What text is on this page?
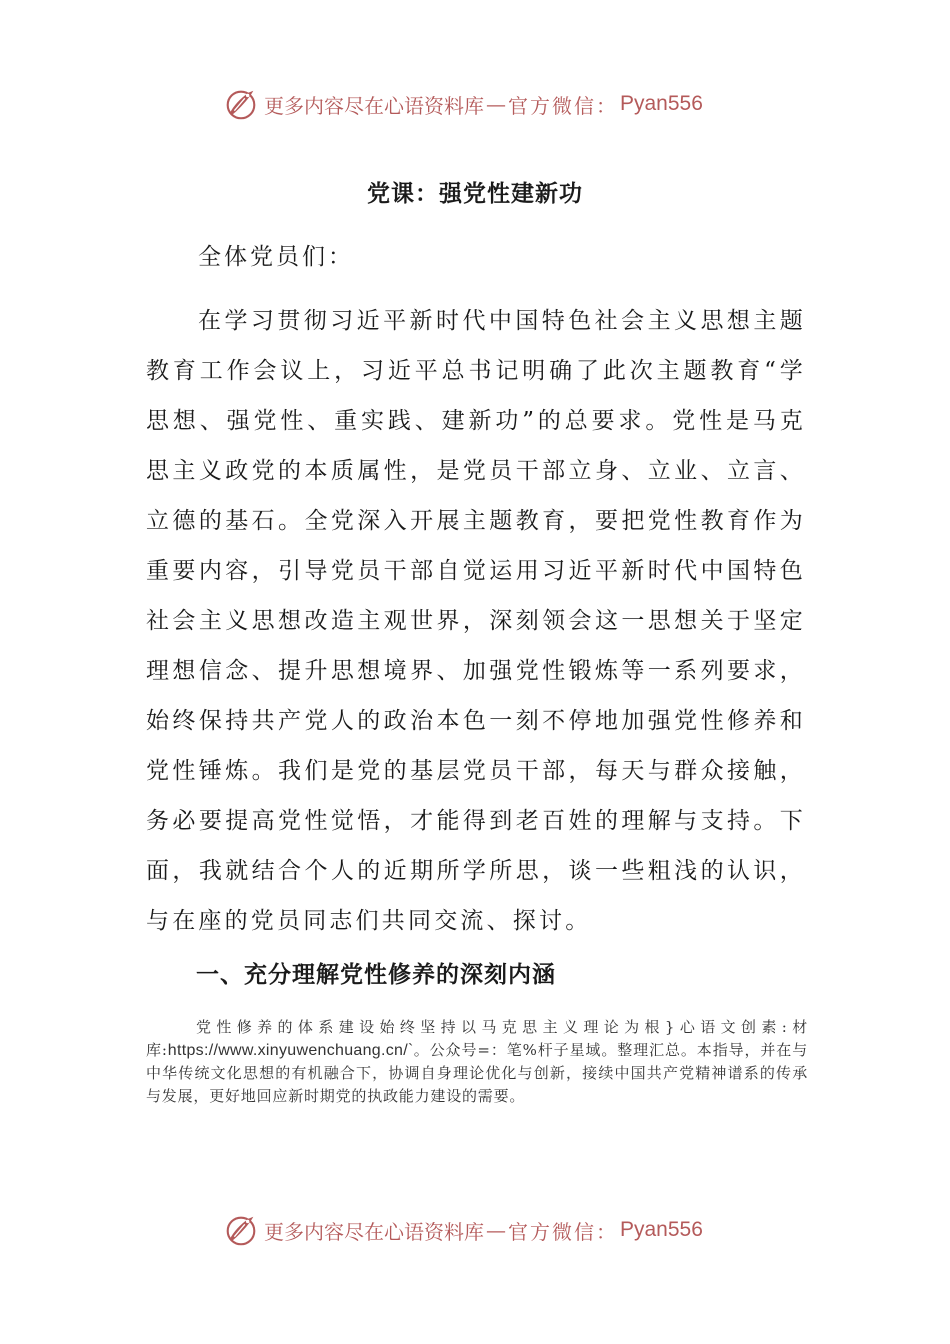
更多内容尽在心语资料库 — 官方微信： Pyan556
党课：强党性建新功
全体党员们：

在学习贯彻习近平新时代中国特色社会主义思想主题教育工作会议上，习近平总书记明确了此次主题教育“学思想、强党性、重实践、建新功”的总要求。党性是马克思主义政党的本质属性，是党员干部立身、立业、立言、立德的基石。全党深入开展主题教育，要把党性教育作为重要内容，引导党员干部自觉运用习近平新时代中国特色社会主义思想改造主观世界，深刻领会这一思想关于坚定理想信念、提升思想境界、加强党性锻炼等一系列要求，始终保持共产党人的政治本色一刻不停地加强党性修养和党性锤炼。我们是党的基层党员干部，每天与群众接触，务必要提高党性觉悟，才能得到老百姓的理解与支持。下面，我就结合个人的近期所学所思，谈一些粗浅的认识，与在座的党员同志们共同交流、探讨。

一、充分理解党性修养的深刻内涵

党性修养的体系建设始终坚持以马克思主义理论为根}心语文创素:材库:https://www.xinyuwenchuang.cn/`。公众号=：笔%杆子星域。整理汇总。本指导，并在与中华传统文化思想的有机融合下，协调自身理论优化与创新，接续中国共产党精神谱系的传承与发展，更好地回应新时期党的执政能力建设的需要。

更多内容尽在心语资料库 — 官方微信： Pyan556
